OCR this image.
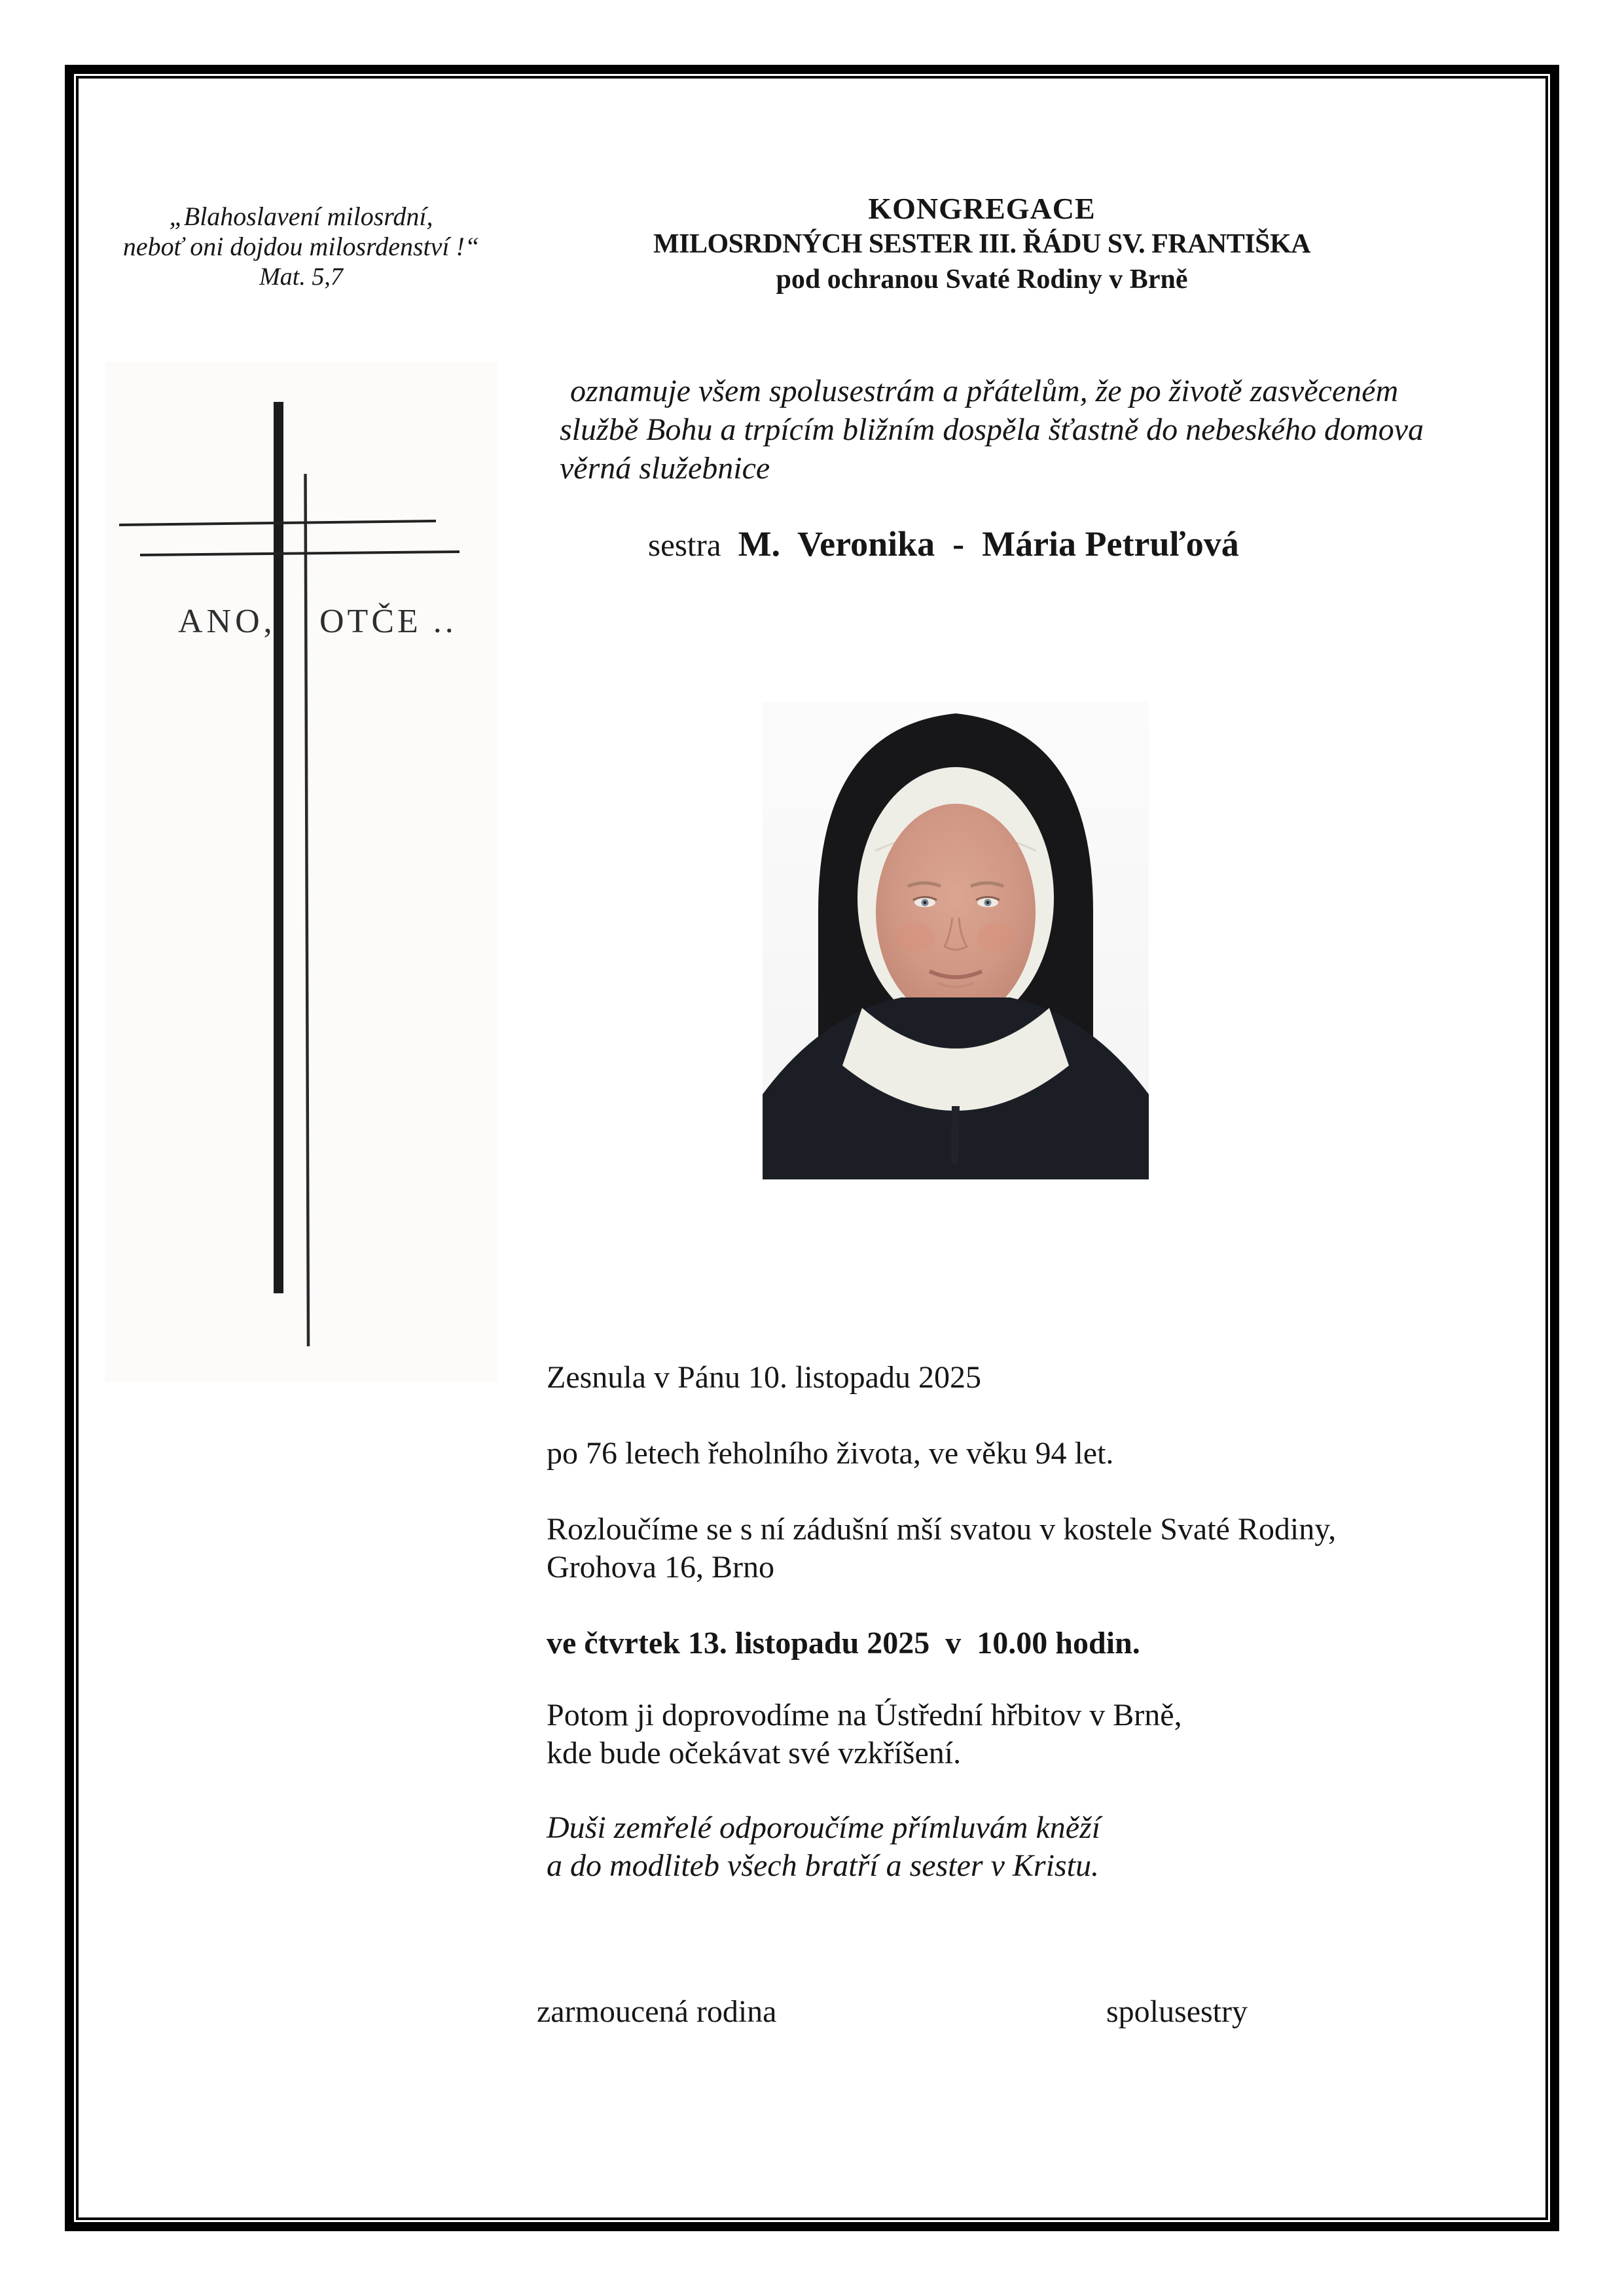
„Blahoslavení milosrdní,
neboť oni dojdou milosrdenství !“
Mat. 5,7
KONGREGACE
MILOSRDNÝCH SESTER III. ŘÁDU SV. FRANTIŠKA
pod ochranou Svaté Rodiny v Brně
ANO, OTČE ..
oznamuje všem spolusestrám a přátelům, že po životě zasvěceném
službě Bohu a trpícím bližním dospěla šťastně do nebeského domova
věrná služebnice
sestra M.  Veronika  -  Mária Petruľová
Zesnula v Pánu 10. listopadu 2025
po 76 letech řeholního života, ve věku 94 let.
Rozloučíme se s ní zádušní mší svatou v kostele Svaté Rodiny,
Grohova 16, Brno
ve čtvrtek 13. listopadu 2025  v  10.00 hodin.
Potom ji doprovodíme na Ústřední hřbitov v Brně,
kde bude očekávat své vzkříšení.
Duši zemřelé odporoučíme přímluvám kněží
a do modliteb všech bratří a sester v Kristu.
zarmoucená rodina	spolusestry
